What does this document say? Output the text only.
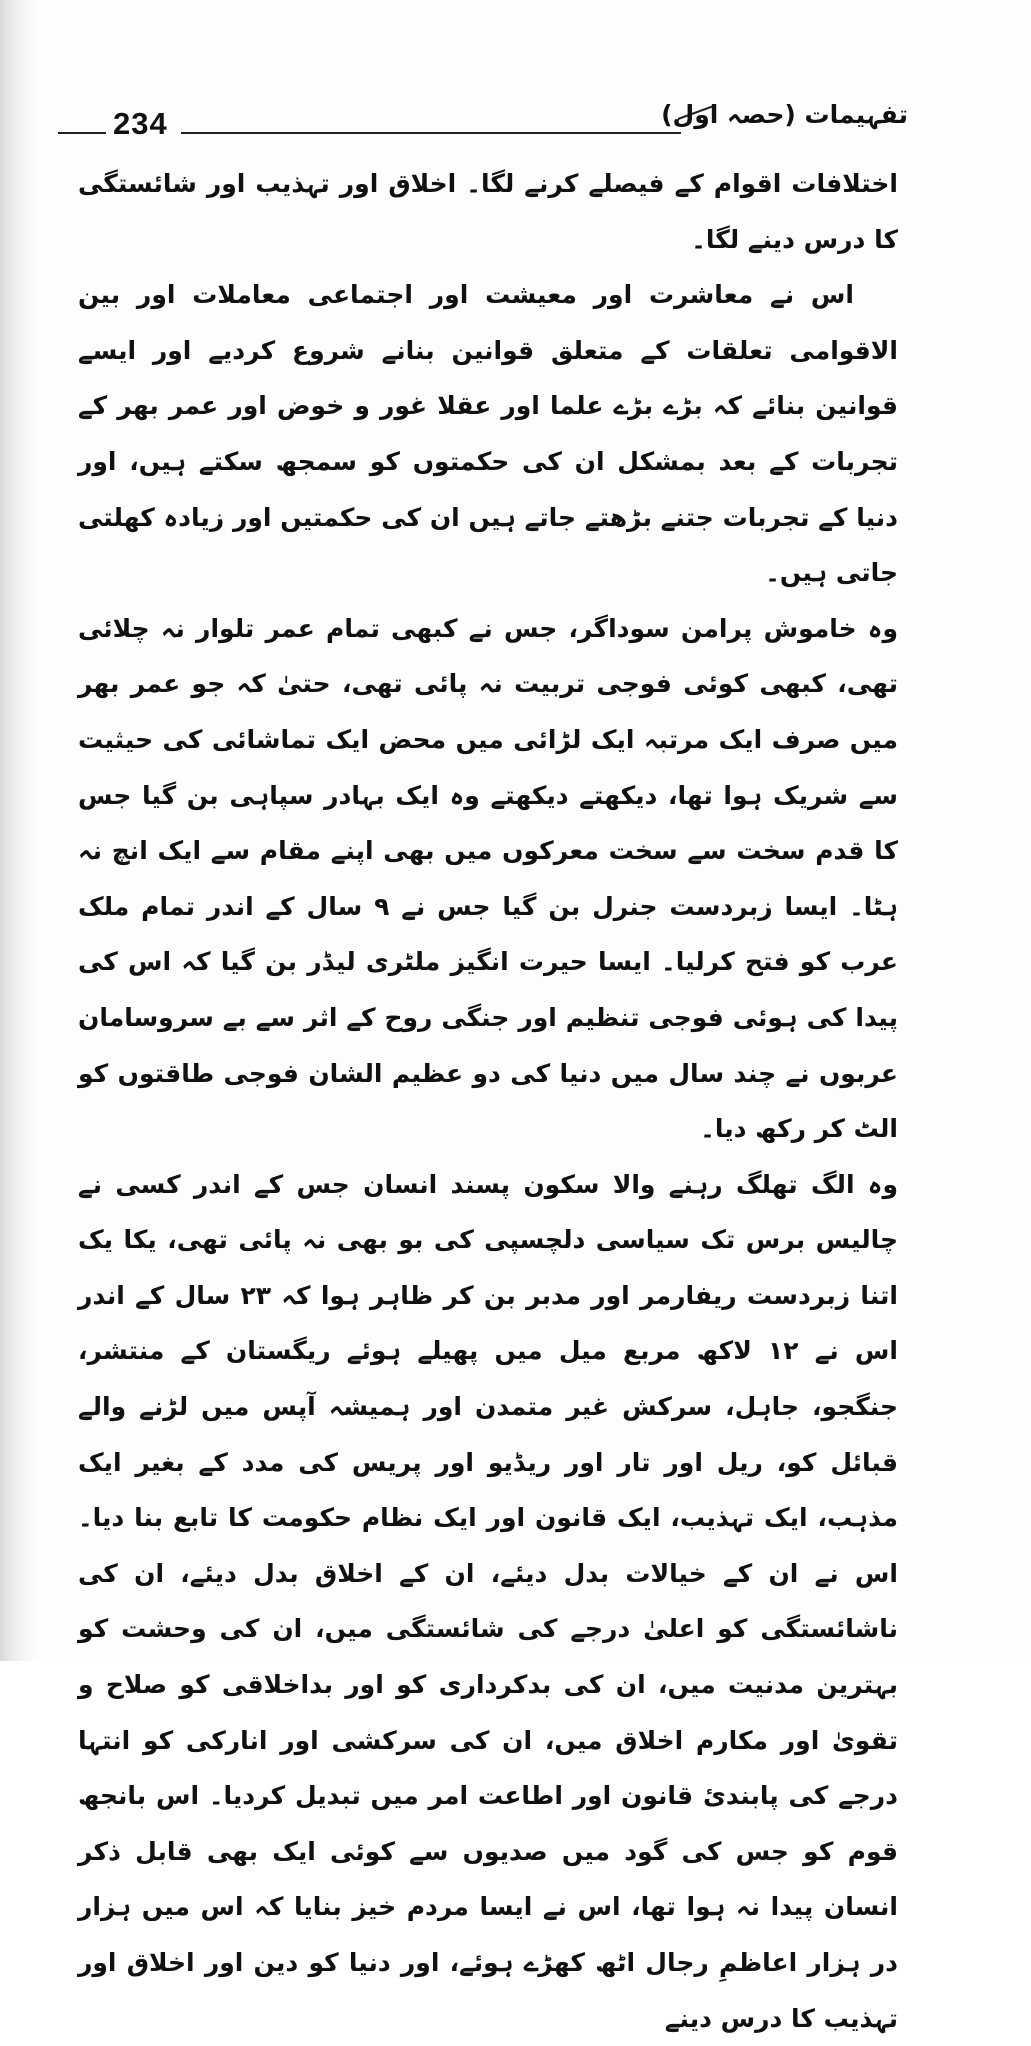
234	تفہیمات (حصہ اول)

اختلافات اقوام کے فیصلے کرنے لگا۔ اخلاق اور تہذیب اور شائستگی کا درس دینے لگا۔

اس نے معاشرت اور معیشت اور اجتماعی معاملات اور بین الاقوامی تعلقات کے متعلق قوانین بنانے شروع کردیے اور ایسے قوانین بنائے کہ بڑے بڑے علما اور عقلا غور و خوض اور عمر بھر کے تجربات کے بعد بمشکل ان کی حکمتوں کو سمجھ سکتے ہیں، اور دنیا کے تجربات جتنے بڑھتے جاتے ہیں ان کی حکمتیں اور زیادہ کھلتی جاتی ہیں۔

وہ خاموش پرامن سوداگر، جس نے کبھی تمام عمر تلوار نہ چلائی تھی، کبھی کوئی فوجی تربیت نہ پائی تھی، حتیٰ کہ جو عمر بھر میں صرف ایک مرتبہ ایک لڑائی میں محض ایک تماشائی کی حیثیت سے شریک ہوا تھا، دیکھتے دیکھتے وہ ایک بہادر سپاہی بن گیا جس کا قدم سخت سے سخت معرکوں میں بھی اپنے مقام سے ایک انچ نہ ہٹا۔ ایسا زبردست جنرل بن گیا جس نے ۹ سال کے اندر تمام ملک عرب کو فتح کرلیا۔ ایسا حیرت انگیز ملٹری لیڈر بن گیا کہ اس کی پیدا کی ہوئی فوجی تنظیم اور جنگی روح کے اثر سے بے سروسامان عربوں نے چند سال میں دنیا کی دو عظیم الشان فوجی طاقتوں کو الٹ کر رکھ دیا۔

وہ الگ تھلگ رہنے والا سکون پسند انسان جس کے اندر کسی نے چالیس برس تک سیاسی دلچسپی کی بو بھی نہ پائی تھی، یکا یک اتنا زبردست ریفارمر اور مدبر بن کر ظاہر ہوا کہ ۲۳ سال کے اندر اس نے ۱۲ لاکھ مربع میل میں پھیلے ہوئے ریگستان کے منتشر، جنگجو، جاہل، سرکش غیر متمدن اور ہمیشہ آپس میں لڑنے والے قبائل کو، ریل اور تار اور ریڈیو اور پریس کی مدد کے بغیر ایک مذہب، ایک تہذیب، ایک قانون اور ایک نظام حکومت کا تابع بنا دیا۔ اس نے ان کے خیالات بدل دیئے، ان کے اخلاق بدل دیئے، ان کی ناشائستگی کو اعلیٰ درجے کی شائستگی میں، ان کی وحشت کو بہترین مدنیت میں، ان کی بدکرداری کو اور بداخلاقی کو صلاح و تقویٰ اور مکارم اخلاق میں، ان کی سرکشی اور انارکی کو انتہا درجے کی پابندیٔ قانون اور اطاعت امر میں تبدیل کردیا۔ اس بانجھ قوم کو جس کی گود میں صدیوں سے کوئی ایک بھی قابل ذکر انسان پیدا نہ ہوا تھا، اس نے ایسا مردم خیز بنایا کہ اس میں ہزار در ہزار اعاظمِ رجال اٹھ کھڑے ہوئے، اور دنیا کو دین اور اخلاق اور تہذیب کا درس دینے
